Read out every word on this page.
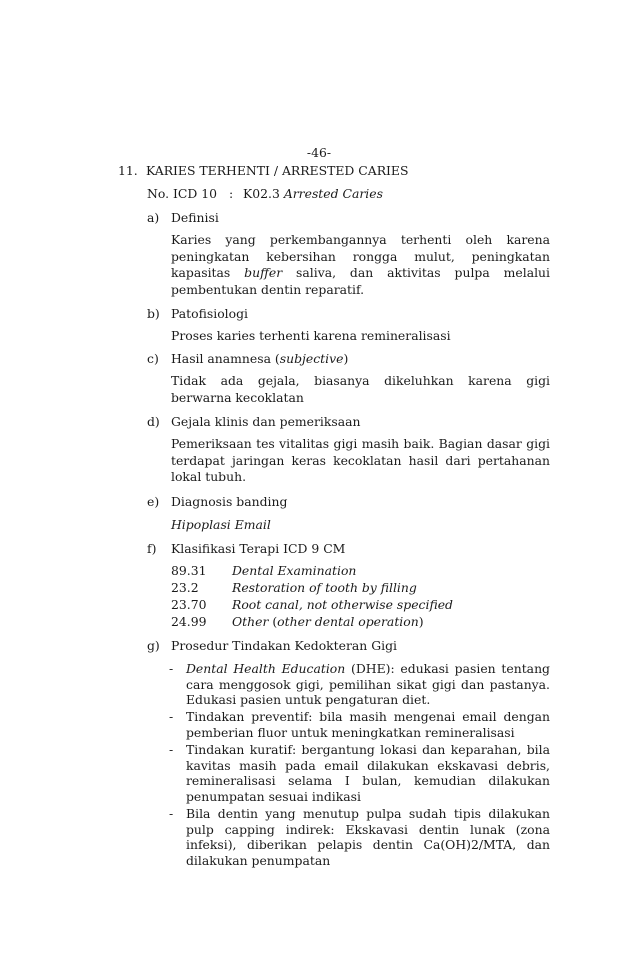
-46-
11. KARIES TERHENTI / ARRESTED CARIES
No. ICD 10 : K02.3 Arrested Caries
a) Definisi
Karies yang perkembangannya terhenti oleh karena peningkatan kebersihan rongga mulut, peningkatan kapasitas buffer saliva, dan aktivitas pulpa melalui pembentukan dentin reparatif.
b) Patofisiologi
Proses karies terhenti karena remineralisasi
c) Hasil anamnesa (subjective)
Tidak ada gejala, biasanya dikeluhkan karena gigi berwarna kecoklatan
d) Gejala klinis dan pemeriksaan
Pemeriksaan tes vitalitas gigi masih baik. Bagian dasar gigi terdapat jaringan keras kecoklatan hasil dari pertahanan lokal tubuh.
e) Diagnosis banding
Hipoplasi Email
f) Klasifikasi Terapi ICD 9 CM
89.31 Dental Examination
23.2	Restoration of tooth by filling
23.70 Root canal, not otherwise specified
24.99 Other (other dental operation)
g) Prosedur Tindakan Kedokteran Gigi
- Dental Health Education (DHE): edukasi pasien tentang cara menggosok gigi, pemilihan sikat gigi dan pastanya. Edukasi pasien untuk pengaturan diet.
- Tindakan preventif: bila masih mengenai email dengan pemberian fluor untuk meningkatkan remineralisasi
- Tindakan kuratif: bergantung lokasi dan keparahan, bila kavitas masih pada email dilakukan ekskavasi debris, remineralisasi selama I bulan, kemudian dilakukan penumpatan sesuai indikasi
- Bila dentin yang menutup pulpa sudah tipis dilakukan pulp capping indirek: Ekskavasi dentin lunak (zona infeksi), diberikan pelapis dentin Ca(OH)2/MTA, dan dilakukan penumpatan
